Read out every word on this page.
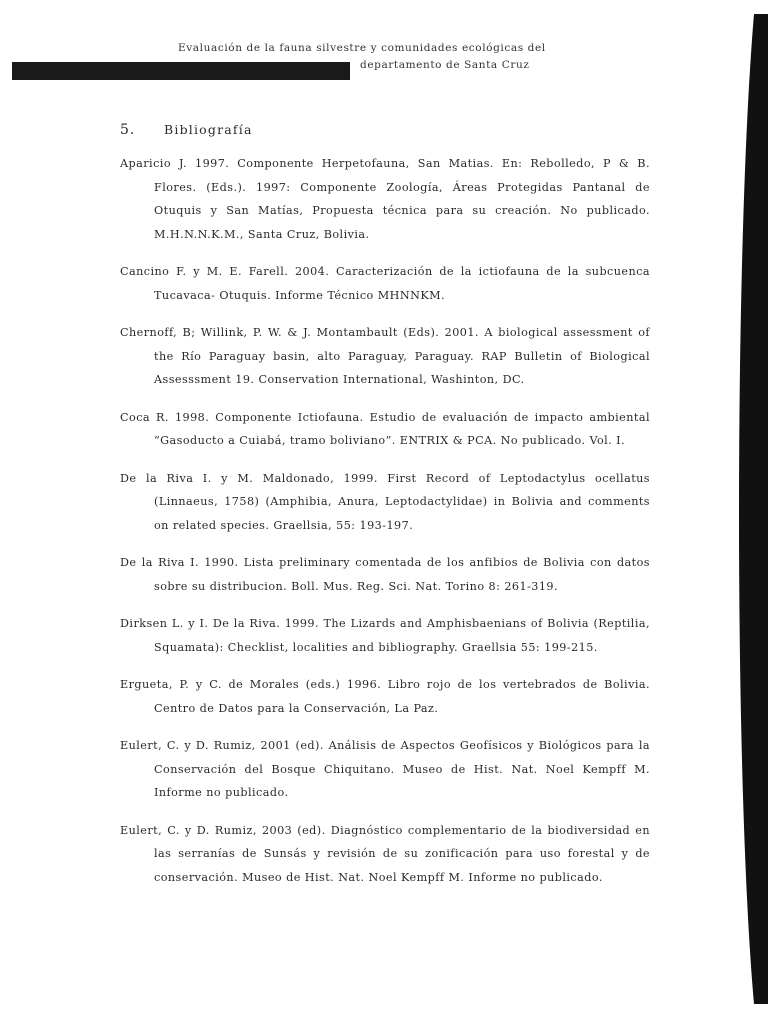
Evaluación de la fauna silvestre y comunidades ecológicas del
departamento de Santa Cruz
51
5. Bibliografía

Aparicio J. 1997. Componente Herpetofauna, San Matias. En: Rebolledo, P & B. Flores. (Eds.). 1997: Componente Zoología, Áreas Protegidas Pantanal de Otuquis y San Matías, Propuesta técnica para su creación. No publicado. M.H.N.N.K.M., Santa Cruz, Bolivia.

Cancino F. y M. E. Farell. 2004. Caracterización de la ictiofauna de la subcuenca Tucavaca- Otuquis. Informe Técnico MHNNKM.

Chernoff, B; Willink, P. W. & J. Montambault (Eds). 2001. A biological assessment of the Río Paraguay basin, alto Paraguay, Paraguay. RAP Bulletin of Biological Assesssment 19. Conservation International, Washinton, DC.

Coca R. 1998. Componente Ictiofauna. Estudio de evaluación de impacto ambiental “Gasoducto a Cuiabá, tramo boliviano”. ENTRIX & PCA. No publicado. Vol. I.

De la Riva I. y M. Maldonado, 1999. First Record of Leptodactylus ocellatus (Linnaeus, 1758) (Amphibia, Anura, Leptodactylidae) in Bolivia and comments on related species. Graellsia, 55: 193-197.

De la Riva I. 1990. Lista preliminary comentada de los anfibios de Bolivia con datos sobre su distribucion. Boll. Mus. Reg. Sci. Nat. Torino 8: 261-319.

Dirksen L. y I. De la Riva. 1999. The Lizards and Amphisbaenians of Bolivia (Reptilia, Squamata): Checklist, localities and bibliography. Graellsia 55: 199-215.

Ergueta, P. y C. de Morales (eds.) 1996. Libro rojo de los vertebrados de Bolivia. Centro de Datos para la Conservación, La Paz.

Eulert, C. y D. Rumiz, 2001 (ed). Análisis de Aspectos Geofísicos y Biológicos para la Conservación del Bosque Chiquitano. Museo de Hist. Nat. Noel Kempff M. Informe no publicado.

Eulert, C. y D. Rumiz, 2003 (ed). Diagnóstico complementario de la biodiversidad en las serranías de Sunsás y revisión de su zonificación para uso forestal y de conservación. Museo de Hist. Nat. Noel Kempff M. Informe no publicado.
